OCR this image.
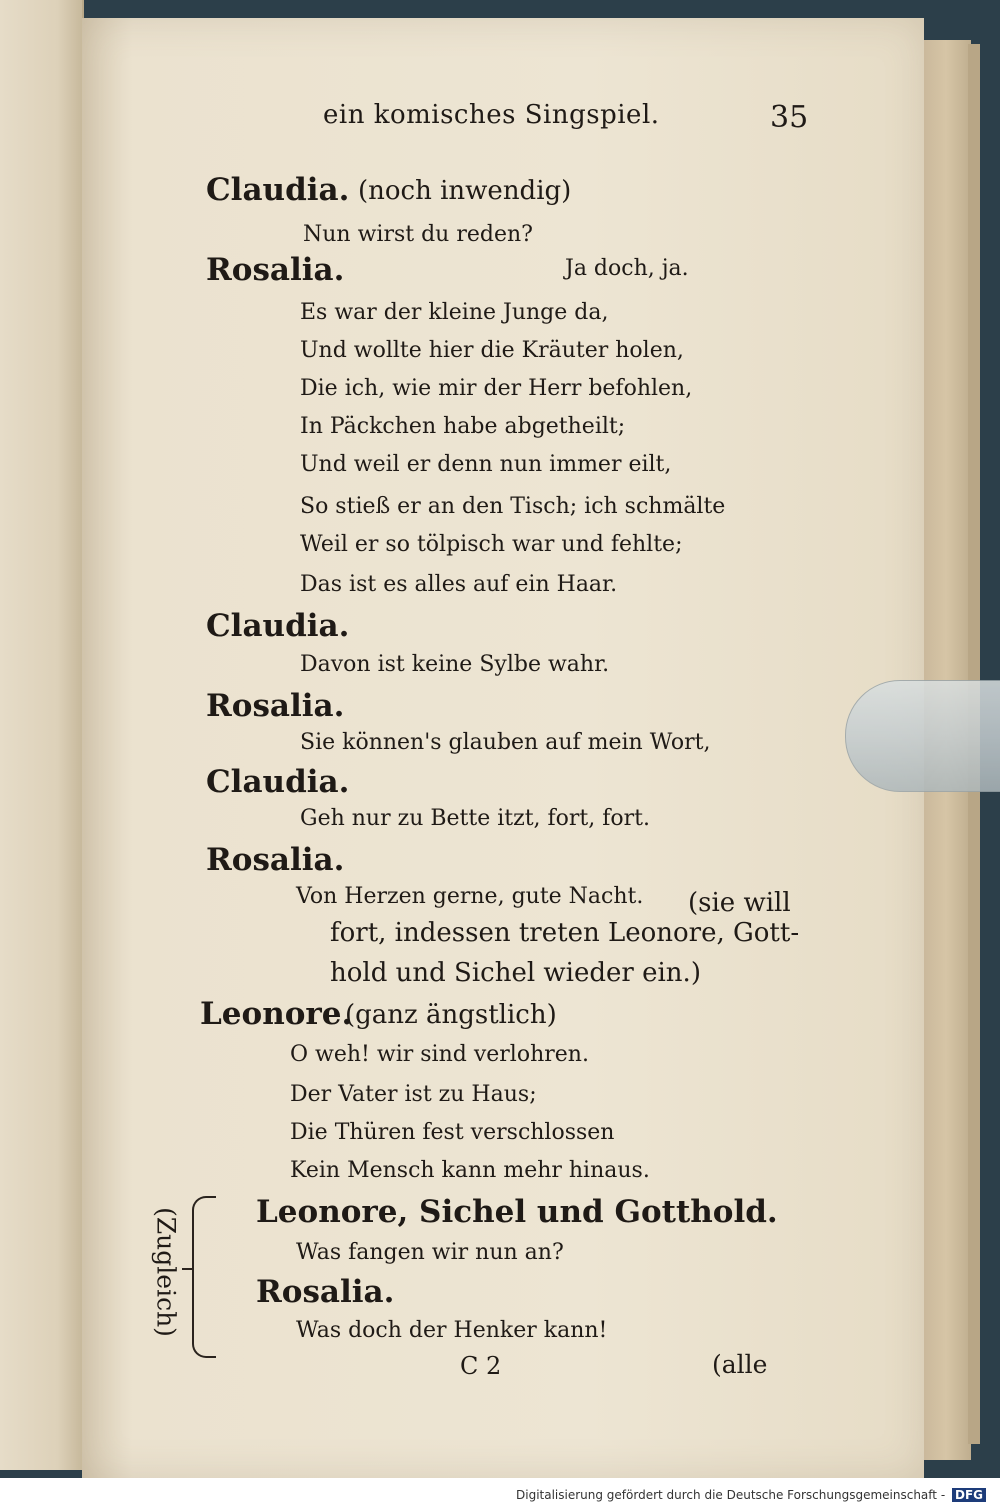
ein komisches Singspiel.	35
Claudia. (noch inwendig)
Nun wirst du reden?
Rosalia.	Ja doch, ja.
Es war der kleine Junge da,
Und wollte hier die Kräuter holen,
Die ich, wie mir der Herr befohlen,
In Päckchen habe abgetheilt;
Und weil er denn nun immer eilt,
So stieß er an den Tisch; ich schmälte
Weil er so tölpisch war und fehlte;
Das ist es alles auf ein Haar.
Claudia.
Davon ist keine Sylbe wahr.
Rosalia.
Sie können's glauben auf mein Wort,
Claudia.
Geh nur zu Bette itzt, fort, fort.
Rosalia.
Von Herzen gerne, gute Nacht. (sie will
fort, indessen treten Leonore, Gott-
hold und Sichel wieder ein.)
Leonore.
(ganz ängstlich)
O weh! wir sind verlohren.
Der Vater ist zu Haus;
Die Thüren fest verschlossen
Kein Mensch kann mehr hinaus.
Leonore, Sichel und Gotthold.
Was fangen wir nun an?
Rosalia.
Was doch der Henker kann!
(Zugleich)
C 2	(alle
Digitalisierung gefördert durch die Deutsche Forschungsgemeinschaft - DFG
